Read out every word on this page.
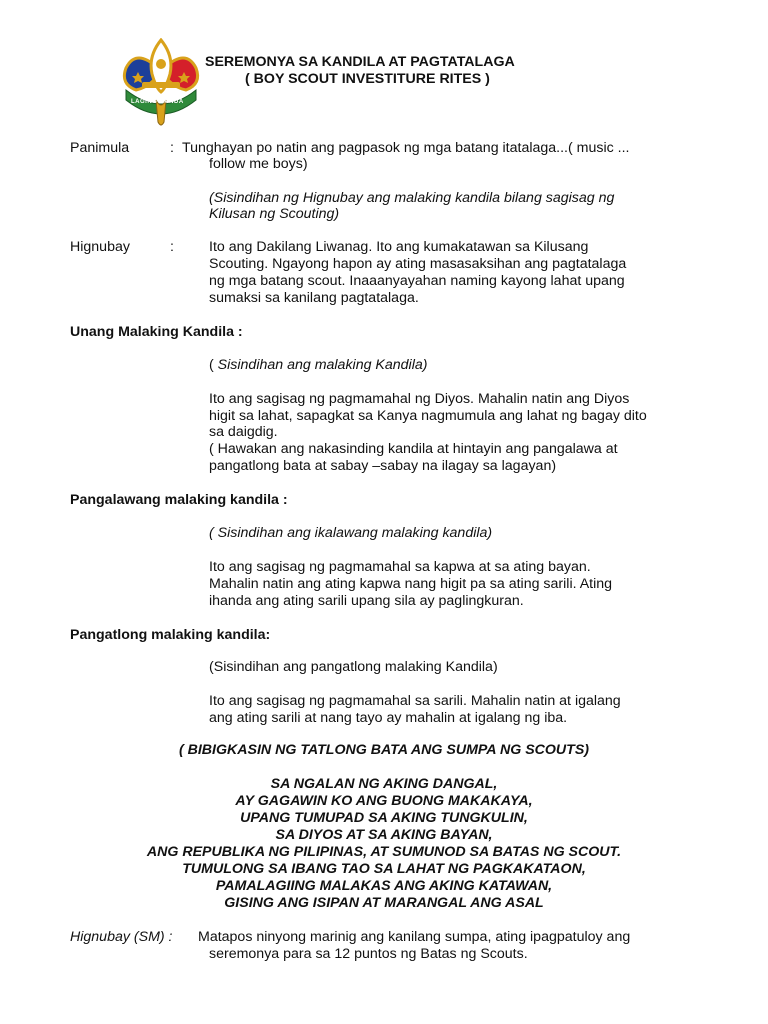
LAGING HANDA

SEREMONYA SA KANDILA AT PAGTATALAGA

( BOY SCOUT INVESTITURE RITES )

Panimula	: Tunghayan po natin ang pagpasok ng mga batang itatalaga...( music ...

follow me boys)

(Sisindihan ng Hignubay ang malaking kandila bilang sagisag ng

Kilusan ng Scouting)

Hignubay	: Ito ang Dakilang Liwanag. Ito ang kumakatawan sa Kilusang

Scouting. Ngayong hapon ay ating masasaksihan ang pagtatalaga

ng mga batang scout. Inaaanyayahan naming kayong lahat upang

sumaksi sa kanilang pagtatalaga.

Unang Malaking Kandila :

( Sisindihan ang malaking Kandila)

Ito ang sagisag ng pagmamahal ng Diyos. Mahalin natin ang Diyos

higit sa lahat, sapagkat sa Kanya nagmumula ang lahat ng bagay dito

sa daigdig.

( Hawakan ang nakasinding kandila at hintayin ang pangalawa at

pangatlong bata at sabay –sabay na ilagay sa lagayan)

Pangalawang malaking kandila :

( Sisindihan ang ikalawang malaking kandila)

Ito ang sagisag ng pagmamahal sa kapwa at sa ating bayan.

Mahalin natin ang ating kapwa nang higit pa sa ating sarili. Ating

ihanda ang ating sarili upang sila ay paglingkuran.

Pangatlong malaking kandila:

(Sisindihan ang pangatlong malaking Kandila)

Ito ang sagisag ng pagmamahal sa sarili. Mahalin natin at igalang

ang ating sarili at nang tayo ay mahalin at igalang ng iba.

( BIBIGKASIN NG TATLONG BATA ANG SUMPA NG SCOUTS)

SA NGALAN NG AKING DANGAL,

AY GAGAWIN KO ANG BUONG MAKAKAYA,

UPANG TUMUPAD SA AKING TUNGKULIN,

SA DIYOS AT SA AKING BAYAN,

ANG REPUBLIKA NG PILIPINAS, AT SUMUNOD SA BATAS NG SCOUT.

TUMULONG SA IBANG TAO SA LAHAT NG PAGKAKATAON,

PAMALAGIING MALAKAS ANG AKING KATAWAN,

GISING ANG ISIPAN AT MARANGAL ANG ASAL

Hignubay (SM) : Matapos ninyong marinig ang kanilang sumpa, ating ipagpatuloy ang

seremonya para sa 12 puntos ng Batas ng Scouts.
